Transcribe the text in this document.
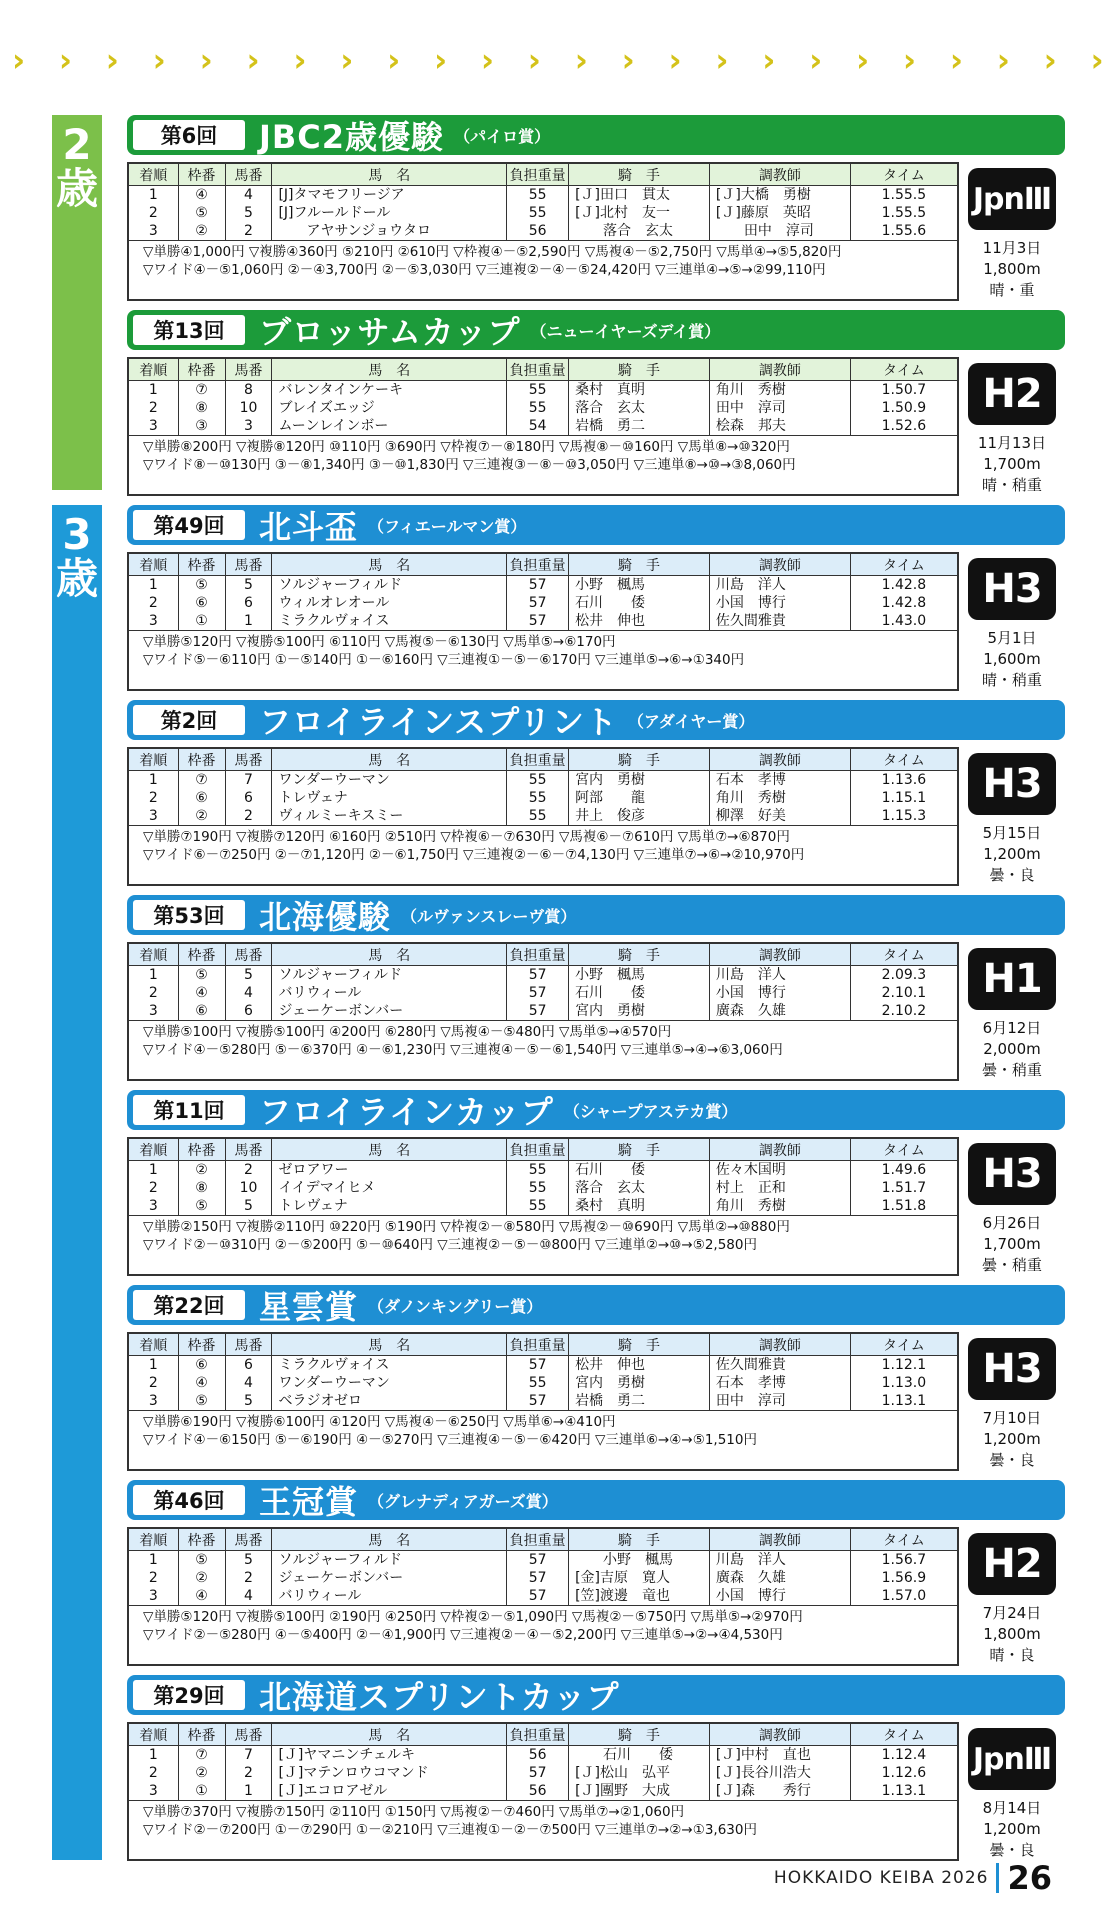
› › › › › › › › › › › › › › › › › › › › › › › ›
2
歳
3
歳
第6回	JBC2歳優駿 （パイロ賞）
着順	枠番	馬番	馬　名	負担重量	騎　手	調教師	タイム
1	④	4	[J]タマモフリージア	55	[Ｊ]田口　貫太	[Ｊ]大橋　勇樹	1.55.5
2	⑤	5	[J]フルールドール	55	[Ｊ]北村　友一	[Ｊ]藤原　英昭	1.55.5
3	②	2	　　アヤサンジョウタロ	56	　　落合　玄太	　　田中　淳司	1.55.6
▽単勝④1,000円 ▽複勝④360円 ⑤210円 ②610円 ▽枠複④－⑤2,590円 ▽馬複④－⑤2,750円 ▽馬単④→⑤5,820円
▽ワイド④－⑤1,060円 ②－④3,700円 ②－⑤3,030円 ▽三連複②－④－⑤24,420円 ▽三連単④→⑤→②99,110円
JpnⅢ
11月3日
1,800m
晴・重
第13回	ブロッサムカップ （ニューイヤーズデイ賞）
着順	枠番	馬番	馬　名	負担重量	騎　手	調教師	タイム
1	⑦	8	バレンタインケーキ	55	桑村　真明	角川　秀樹	1.50.7
2	⑧	10	ブレイズエッジ	55	落合　玄太	田中　淳司	1.50.9
3	③	3	ムーンレインボー	54	岩橋　勇二	桧森　邦夫	1.52.6
▽単勝⑧200円 ▽複勝⑧120円 ⑩110円 ③690円 ▽枠複⑦－⑧180円 ▽馬複⑧－⑩160円 ▽馬単⑧→⑩320円
▽ワイド⑧－⑩130円 ③－⑧1,340円 ③－⑩1,830円 ▽三連複③－⑧－⑩3,050円 ▽三連単⑧→⑩→③8,060円
H2
11月13日
1,700m
晴・稍重
第49回	北斗盃 （フィエールマン賞）
着順	枠番	馬番	馬　名	負担重量	騎　手	調教師	タイム
1	⑤	5	ソルジャーフィルド	57	小野　楓馬	川島　洋人	1.42.8
2	⑥	6	ウィルオレオール	57	石川　　倭	小国　博行	1.42.8
3	①	1	ミラクルヴォイス	57	松井　伸也	佐久間雅貴	1.43.0
▽単勝⑤120円 ▽複勝⑤100円 ⑥110円 ▽馬複⑤－⑥130円 ▽馬単⑤→⑥170円
▽ワイド⑤－⑥110円 ①－⑤140円 ①－⑥160円 ▽三連複①－⑤－⑥170円 ▽三連単⑤→⑥→①340円
H3
5月1日
1,600m
晴・稍重
第2回	フロイラインスプリント （アダイヤー賞）
着順	枠番	馬番	馬　名	負担重量	騎　手	調教師	タイム
1	⑦	7	ワンダーウーマン	55	宮内　勇樹	石本　孝博	1.13.6
2	⑥	6	トレヴェナ	55	阿部　　龍	角川　秀樹	1.15.1
3	②	2	ヴィルミーキスミー	55	井上　俊彦	柳澤　好美	1.15.3
▽単勝⑦190円 ▽複勝⑦120円 ⑥160円 ②510円 ▽枠複⑥－⑦630円 ▽馬複⑥－⑦610円 ▽馬単⑦→⑥870円
▽ワイド⑥－⑦250円 ②－⑦1,120円 ②－⑥1,750円 ▽三連複②－⑥－⑦4,130円 ▽三連単⑦→⑥→②10,970円
H3
5月15日
1,200m
曇・良
第53回	北海優駿 （ルヴァンスレーヴ賞）
着順	枠番	馬番	馬　名	負担重量	騎　手	調教師	タイム
1	⑤	5	ソルジャーフィルド	57	小野　楓馬	川島　洋人	2.09.3
2	④	4	バリウィール	57	石川　　倭	小国　博行	2.10.1
3	⑥	6	ジェーケーボンバー	57	宮内　勇樹	廣森　久雄	2.10.2
▽単勝⑤100円 ▽複勝⑤100円 ④200円 ⑥280円 ▽馬複④－⑤480円 ▽馬単⑤→④570円
▽ワイド④－⑤280円 ⑤－⑥370円 ④－⑥1,230円 ▽三連複④－⑤－⑥1,540円 ▽三連単⑤→④→⑥3,060円
H1
6月12日
2,000m
曇・稍重
第11回	フロイラインカップ （シャープアステカ賞）
着順	枠番	馬番	馬　名	負担重量	騎　手	調教師	タイム
1	②	2	ゼロアワー	55	石川　　倭	佐々木国明	1.49.6
2	⑧	10	イイデマイヒメ	55	落合　玄太	村上　正和	1.51.7
3	⑤	5	トレヴェナ	55	桑村　真明	角川　秀樹	1.51.8
▽単勝②150円 ▽複勝②110円 ⑩220円 ⑤190円 ▽枠複②－⑧580円 ▽馬複②－⑩690円 ▽馬単②→⑩880円
▽ワイド②－⑩310円 ②－⑤200円 ⑤－⑩640円 ▽三連複②－⑤－⑩800円 ▽三連単②→⑩→⑤2,580円
H3
6月26日
1,700m
曇・稍重
第22回	星雲賞 （ダノンキングリー賞）
着順	枠番	馬番	馬　名	負担重量	騎　手	調教師	タイム
1	⑥	6	ミラクルヴォイス	57	松井　伸也	佐久間雅貴	1.12.1
2	④	4	ワンダーウーマン	55	宮内　勇樹	石本　孝博	1.13.0
3	⑤	5	ベラジオゼロ	57	岩橋　勇二	田中　淳司	1.13.1
▽単勝⑥190円 ▽複勝⑥100円 ④120円 ▽馬複④－⑥250円 ▽馬単⑥→④410円
▽ワイド④－⑥150円 ⑤－⑥190円 ④－⑤270円 ▽三連複④－⑤－⑥420円 ▽三連単⑥→④→⑤1,510円
H3
7月10日
1,200m
曇・良
第46回	王冠賞 （グレナディアガーズ賞）
着順	枠番	馬番	馬　名	負担重量	騎　手	調教師	タイム
1	⑤	5	ソルジャーフィルド	57	　　小野　楓馬	川島　洋人	1.56.7
2	②	2	ジェーケーボンバー	57	[金]吉原　寛人	廣森　久雄	1.56.9
3	④	4	バリウィール	57	[笠]渡邊　竜也	小国　博行	1.57.0
▽単勝⑤120円 ▽複勝⑤100円 ②190円 ④250円 ▽枠複②－⑤1,090円 ▽馬複②－⑤750円 ▽馬単⑤→②970円
▽ワイド②－⑤280円 ④－⑤400円 ②－④1,900円 ▽三連複②－④－⑤2,200円 ▽三連単⑤→②→④4,530円
H2
7月24日
1,800m
晴・良
第29回	北海道スプリントカップ
着順	枠番	馬番	馬　名	負担重量	騎　手	調教師	タイム
1	⑦	7	[Ｊ]ヤマニンチェルキ	56	　　石川　　倭	[Ｊ]中村　直也	1.12.4
2	②	2	[Ｊ]マテンロウコマンド	57	[Ｊ]松山　弘平	[Ｊ]長谷川浩大	1.12.6
3	①	1	[Ｊ]エコロアゼル	56	[Ｊ]團野　大成	[Ｊ]森　　秀行	1.13.1
▽単勝⑦370円 ▽複勝⑦150円 ②110円 ①150円 ▽馬複②－⑦460円 ▽馬単⑦→②1,060円
▽ワイド②－⑦200円 ①－⑦290円 ①－②210円 ▽三連複①－②－⑦500円 ▽三連単⑦→②→①3,630円
JpnⅢ
8月14日
1,200m
曇・良
HOKKAIDO KEIBA 2026 26
